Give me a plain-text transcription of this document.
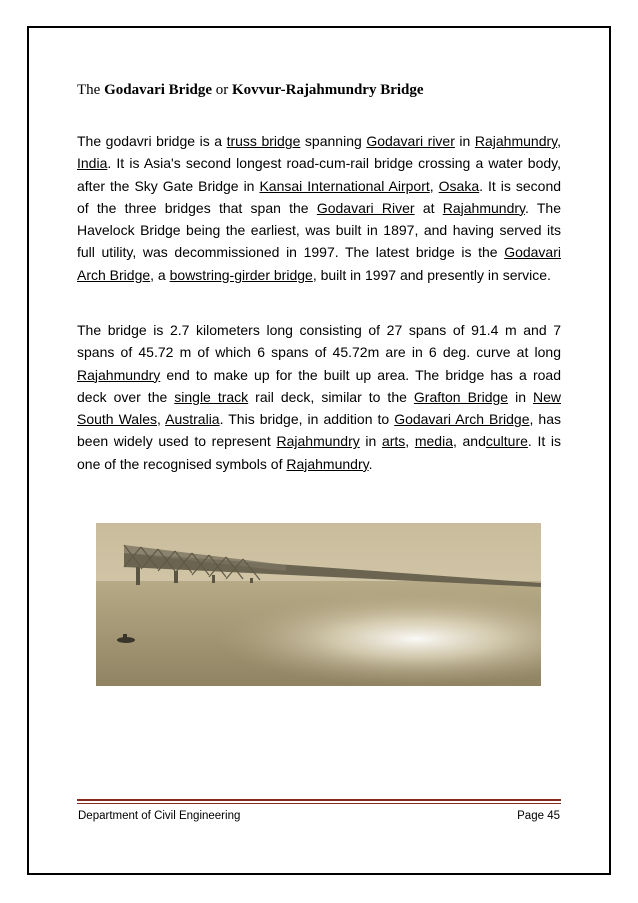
The Godavari Bridge or Kovvur-Rajahmundry Bridge
The godavri bridge is a truss bridge spanning Godavari river in Rajahmundry, India. It is Asia's second longest road-cum-rail bridge crossing a water body, after the Sky Gate Bridge in Kansai International Airport, Osaka. It is second of the three bridges that span the Godavari River at Rajahmundry. The Havelock Bridge being the earliest, was built in 1897, and having served its full utility, was decommissioned in 1997. The latest bridge is the Godavari Arch Bridge, a bowstring-girder bridge, built in 1997 and presently in service.
The bridge is 2.7 kilometers long consisting of 27 spans of 91.4 m and 7 spans of 45.72 m of which 6 spans of 45.72m are in 6 deg. curve at long Rajahmundry end to make up for the built up area. The bridge has a road deck over the single track rail deck, similar to the Grafton Bridge in New South Wales, Australia. This bridge, in addition to Godavari Arch Bridge, has been widely used to represent Rajahmundry in arts, media, andculture. It is one of the recognised symbols of Rajahmundry.
Department of Civil Engineering	Page 45
